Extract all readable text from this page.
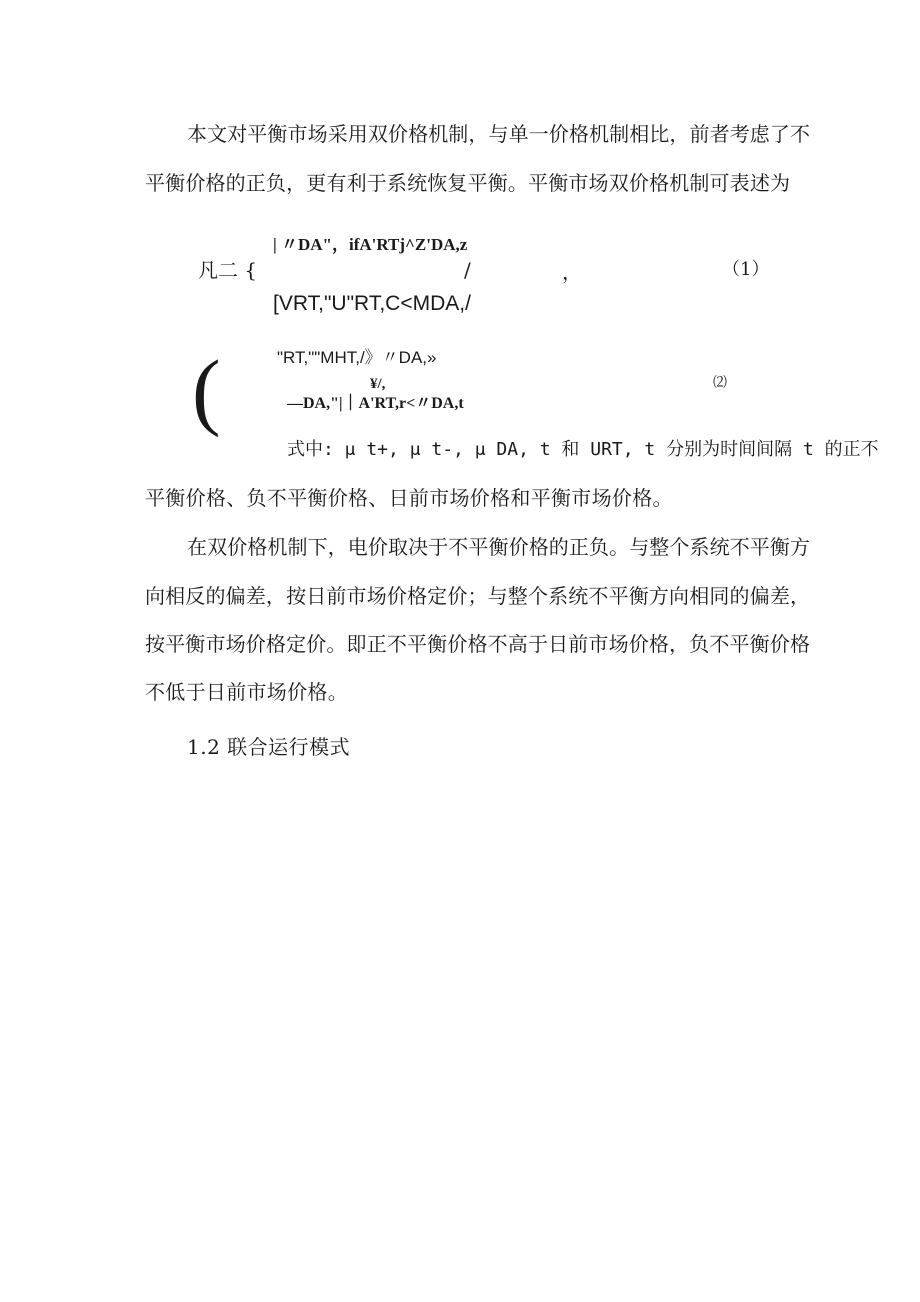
本文对平衡市场采用双价格机制，与单一价格机制相比，前者考虑了不
平衡价格的正负，更有利于系统恢复平衡。平衡市场双价格机制可表述为
| 〃DA"，ifA'RTj^Z'DA,z
凡二 {	/	，	（1）
[VRT,"U"RT,C<MDA,/
(	"RT,""MHT,/》〃DA,»
¥/,	⑵
—DA,"|｜A'RT,r<〃DA,t
式中: μ t+, μ t-, μ DA, t 和 URT, t 分别为时间间隔 t 的正不
平衡价格、负不平衡价格、日前市场价格和平衡市场价格。
在双价格机制下，电价取决于不平衡价格的正负。与整个系统不平衡方
向相反的偏差，按日前市场价格定价；与整个系统不平衡方向相同的偏差，
按平衡市场价格定价。即正不平衡价格不高于日前市场价格，负不平衡价格
不低于日前市场价格。
1.2 联合运行模式
